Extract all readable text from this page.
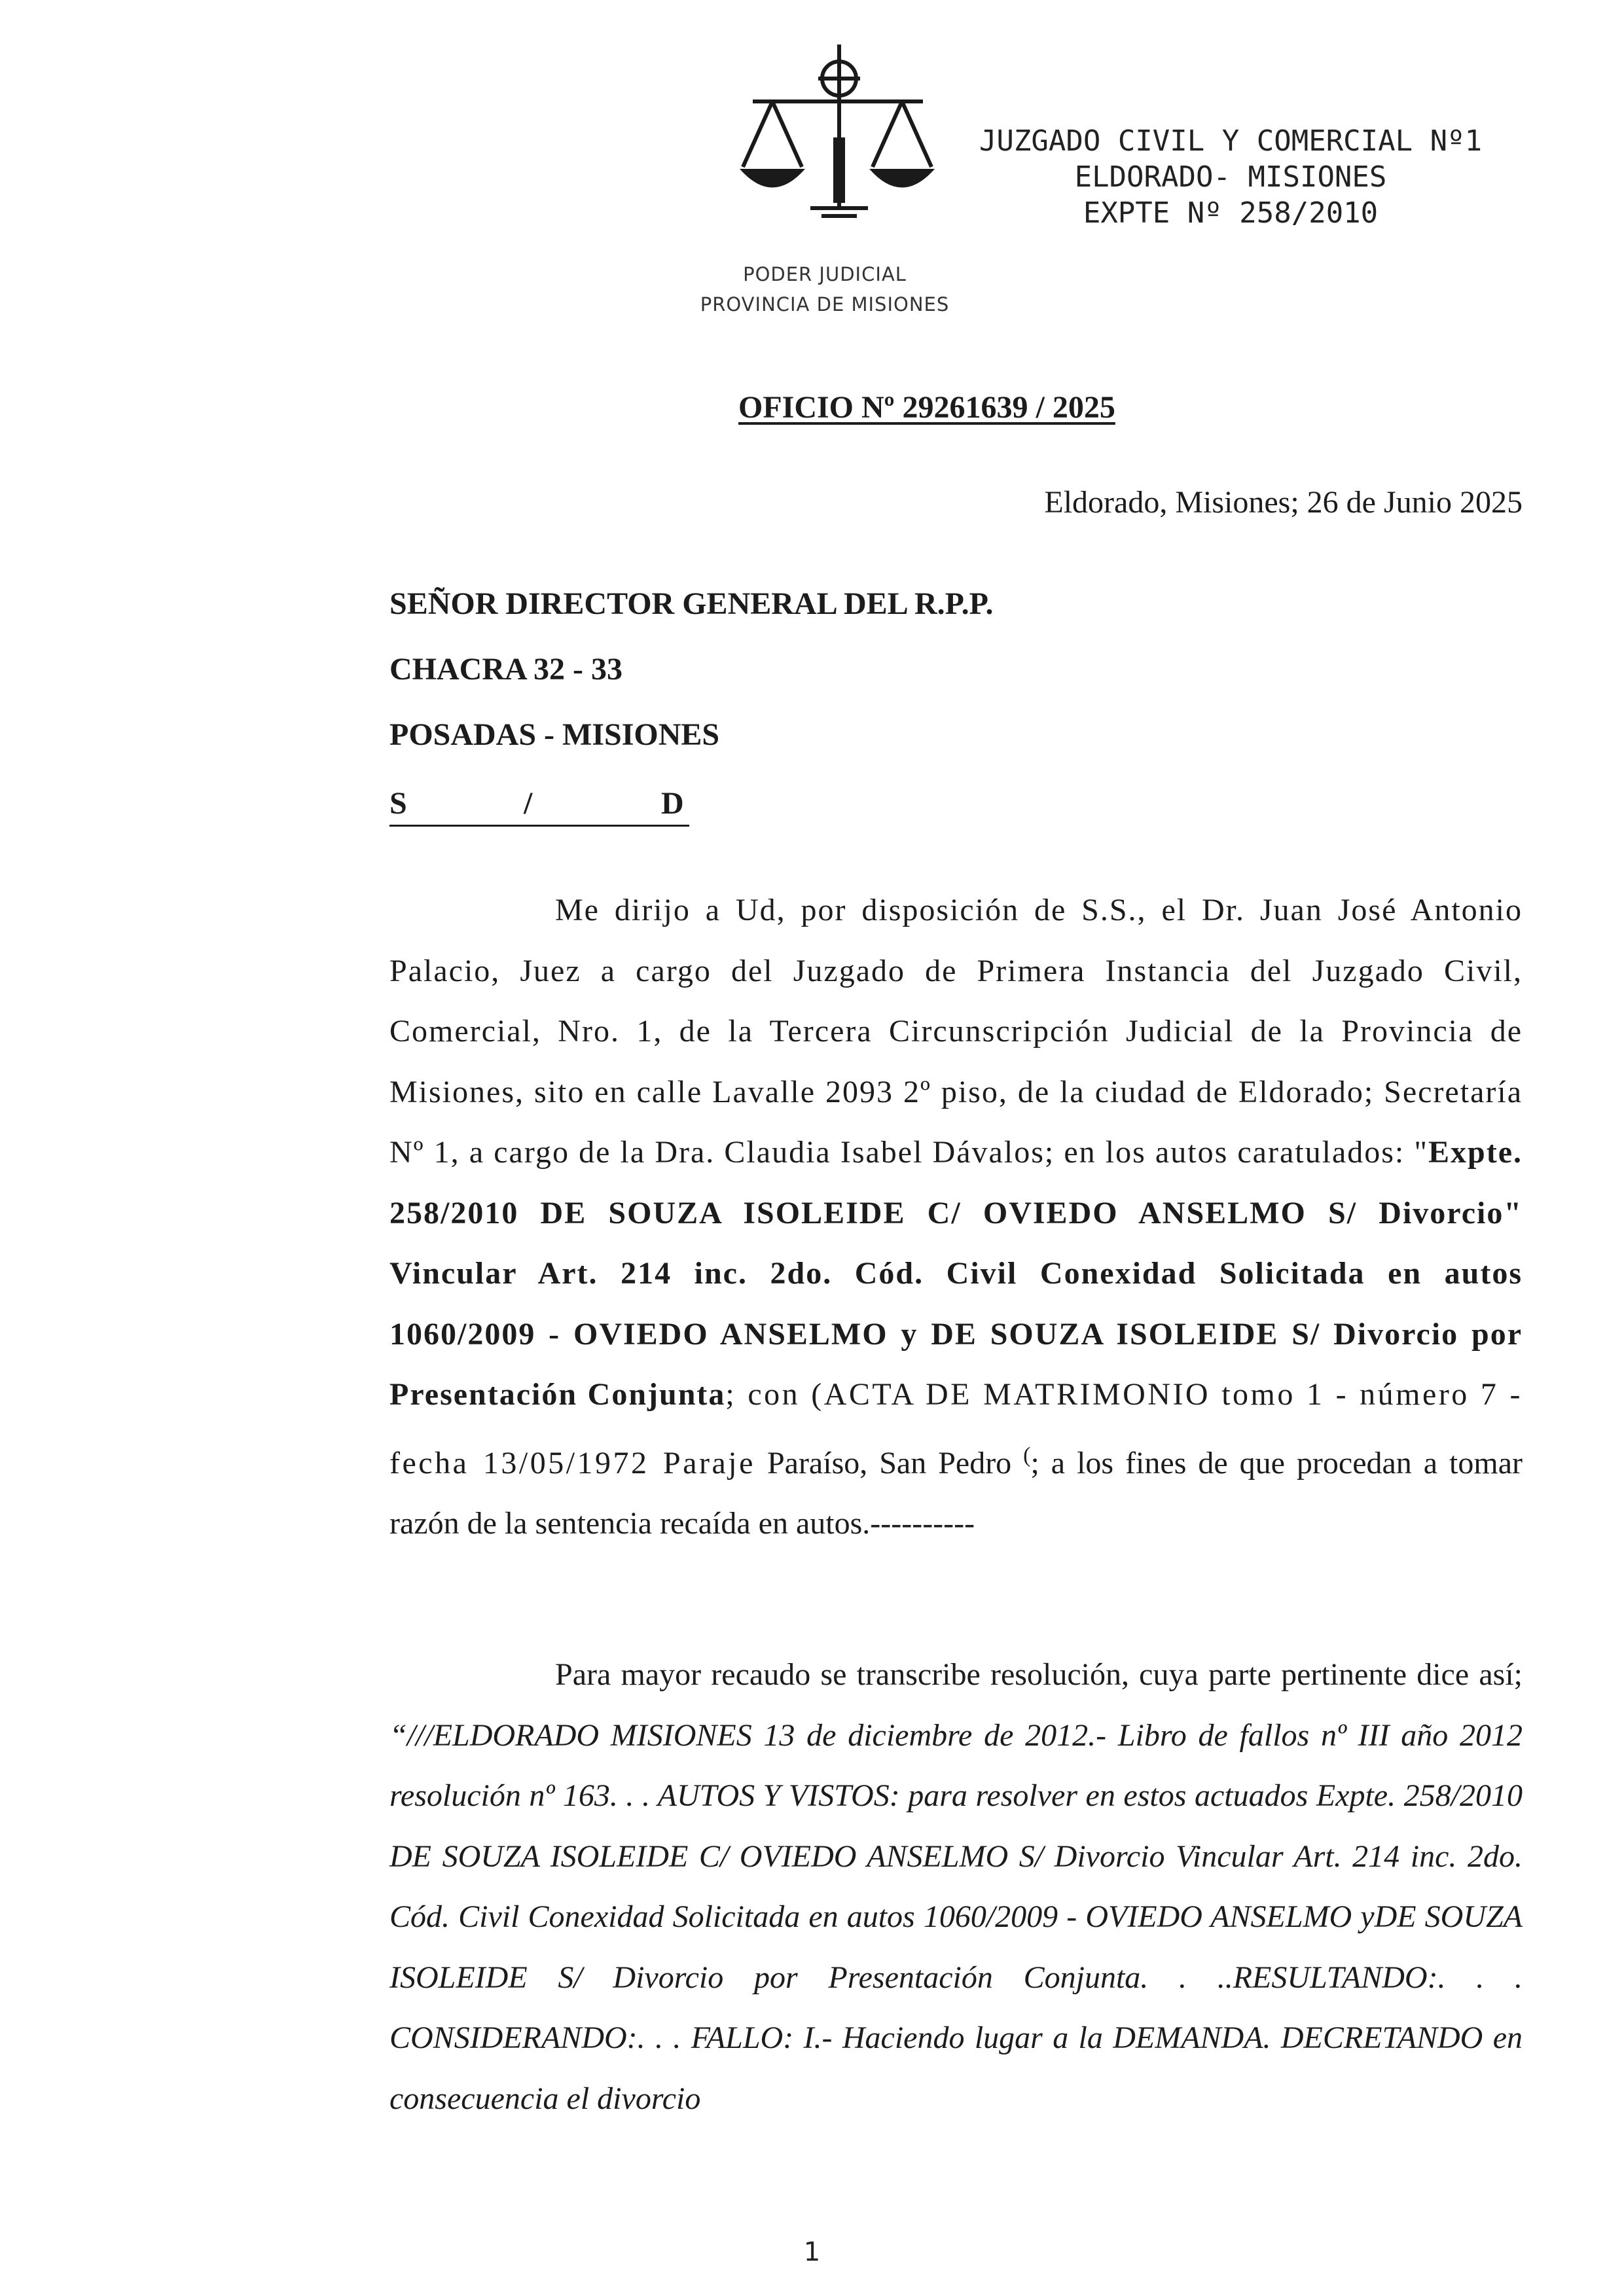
PODER JUDICIAL
PROVINCIA DE MISIONES
JUZGADO CIVIL Y COMERCIAL Nº1
ELDORADO- MISIONES
EXPTE Nº 258/2010
OFICIO Nº 29261639 / 2025
Eldorado, Misiones; 26 de Junio 2025
SEÑOR DIRECTOR GENERAL DEL R.P.P.
CHACRA 32 - 33
POSADAS - MISIONES
S	/	D

Me dirijo a Ud, por disposición de S.S., el Dr. Juan José Antonio Palacio, Juez a cargo del Juzgado de Primera Instancia del Juzgado Civil, Comercial, Nro. 1, de la Tercera Circunscripción Judicial de la Provincia de Misiones, sito en calle Lavalle 2093 2º piso, de la ciudad de Eldorado; Secretaría Nº 1, a cargo de la Dra. Claudia Isabel Dávalos; en los autos caratulados: "Expte. 258/2010 DE SOUZA ISOLEIDE C/ OVIEDO ANSELMO S/ Divorcio" Vincular Art. 214 inc. 2do. Cód. Civil Conexidad Solicitada en autos 1060/2009 - OVIEDO ANSELMO y DE SOUZA ISOLEIDE S/ Divorcio por Presentación Conjunta; con (ACTA DE MATRIMONIO tomo 1 - número 7 - fecha 13/05/1972 Paraje Paraíso, San Pedro (; a los fines de que procedan a tomar razón de la sentencia recaída en autos.----------

Para mayor recaudo se transcribe resolución, cuya parte pertinente dice así; “///ELDORADO MISIONES 13 de diciembre de 2012.- Libro de fallos nº III año 2012 resolución nº 163. . . AUTOS Y VISTOS: para resolver en estos actuados Expte. 258/2010 DE SOUZA ISOLEIDE C/ OVIEDO ANSELMO S/ Divorcio Vincular Art. 214 inc. 2do. Cód. Civil Conexidad Solicitada en autos 1060/2009 - OVIEDO ANSELMO yDE SOUZA ISOLEIDE S/ Divorcio por Presentación Conjunta. . ..RESULTANDO:. . . CONSIDERANDO:. . . FALLO: I.- Haciendo lugar a la DEMANDA. DECRETANDO en consecuencia el divorcio

1
